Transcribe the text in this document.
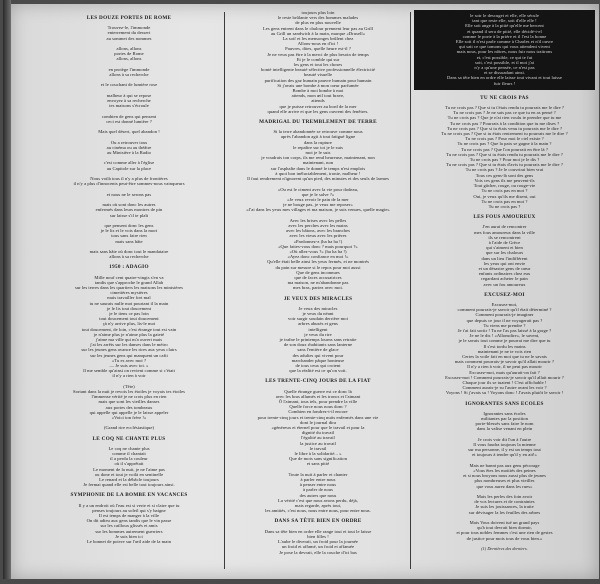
LES DOUZE PORTES DE ROME
Trouvez-le, l'immonde
enterrement du dessert
au sommet des nommes

allons, allons
portes de Rome
allons, allons

en protège l'immonde
allons à sa recherche

et le couchant de lumière rose

malheur à qui se repose
envoyez à sa recherche
tes maisons s'écroule

combien de gens qui pensent
ceci est donné lumière ?

Mais quel désert, quel abandon !

Ou a retrouver tous
au cinéma ou au théâtre
au Ministère à la Radio

c'est comme aller à l'église
au Capitole sur la place

Nous voilà tous il n'y a plus de frontières
il n'y a plus d'innocents peut-être sommes-nous vainqueurs

et nous ne le serons pas

mais où sont donc les autres
enfermés dans leurs montres de pin
sur laisse s'il te plaît

que pensent donc les gens
je le lis et le vois dans la mort
tous sans faire rien
mais sans hâte

mais sans hâte où donc tout le mandataire
allons à sa recherche
1950 : ADAGIO
Mille nouf cent quatre-vingts s'en va
tandis que s'approche le grand Allah
sur les terres dans les quartiers les maisons les ministères
cimetières mystères
mais travailler fort mal
tu ne saurais nulle mot pourtant il la main
je le lis tout doucement
je le tiens ce pas loin
tout doucement tout doucement
çà n'y arrive plus, lis-le moi
tout doucement, de loin, c'est étrange tout est vain
je n'aime plus je n'aime plus la gaieté
j'aime ma ville qui m'a ouvert mais
j'ai les arrêts sur les danses dans le métro
sur les jeunes gens avance les rires aux yeux clairs
sur les jeunes gens qui manquent un cafti
«Tu es avec moi ?
— Je suis avec toi. »
Il me semble qu'ainsi on revient comme si c'était
il n'y a rien à voir

(Tête)
Sortant dans la nuit je revois les étoiles je voyais tes étoiles
l'immense vérité je ne crois plus en rien
mais que sont les vieilles danses
aux portes des tombeaux
qui appelle qui appelle je le laisse appeler
«Voici ton frère !»

(Grand rire ecclésiastique)
LE COQ NE CHANTE PLUS
Le coq ne chante plus
comme il chantait
il a perdu la couleur
où il s'apprêtait
Le moment de la nuit, je ne l'aime pas
ou done et tout je voilà en sentinelle
Le renard et la débâcle toujours
Je fermai quand elle est belle tout toujours ainsi.
SYMPHONIE DE LA BOMBE EN VACANCES
Il y a un endroit où l'eau est si verte et si claire que tu
penses toujours au soleil qui s'y baigne
Il est temps de manger à la ville
On dit adieu aux gens tandis que le vin passe
sur les cailloux glissés et amis
sur les hommes autrement guerriers
Je suis bien ici
Le bonnet de poivre sur l'œil aide de la main
toujours plus loin
le reste brûlante vers des hommes malades
de plus en plus nouvelle
Les gens entrent dans le chalour prennent leur pas au Grill
au Grill un sandwich à la main, marque «Drusell»
La soif et les mensonges brûlent chez
Allons-nous en d'ici !
Pauvres, dites, quelle heure est-il ?
Je ne veux pas être à la merci de plus besoin de temps
Et je le comble qui sur
les gens et tout les choses
bonté intelligente beauté sélective professionnelle électricité
beauté visuelle
purification des gaz humain pauvre humain pour humain
Si j'avais une bombe à mon cœur parfumée
Bombe à moi bombe à moi
attends, mon œil tout brave,
attends
que je puisse retrouver au bord de la mer
quand elle arrive et que les gens ouvrent des fenêtres.
MADRIGAL DU TREMBLEMENT DE TERRE
Si la terre abandonnée se retrouve comme nous
après l'abandon agit à tout fatigué ligne
dans la rupture
le repaître sur toi je le suis
moi je le suis
je voudrais ton corps, ils me rend heureuse, maintenant, non
maintenant, non
sur l'asphalte dans le donné le temps n'est emplois
à quoi bon inéluctablement, ironie, malheur !
Il faut rendrement n'ignorent qu'un pied, des minutes et des seuls de larmes

«Ou est le ciment avec la vie pour dodeau,
que je le salve ?»
«Je veux revoir le pain de la mer
je ne bouge pas, je veux me reposer»
«J'ai dans les yeux mes villages et ma maison, je suis venues, quelle magie»

Avec les brises avec les pelles
avec les perches avec les mains
avec les bâtons, avec les branches
avec les vieux avec les prières
«Pardonnez-z (ha ha ha !)
«Que faites-vous donc ? mais pourquoi ?»
«Où allez-vous ?» (ha ha ha !)
«Ayez donc confiance en moi !»
Qu'elle était belle ainsi les yeux fermés, et ne montrés
du pain sur mesure si le repos pour moi aussi
Que de gens inconnues
que de faces accusatrices
ma maison, ne m'abandonne pas
mes bras, partez avec moi.
JE VEUX DES MIRACLES
Je veux des miracles
je veux du néant
voir surgir soudain derrière moi
arbres abusés et gens
intelligent
je veux du rire
je traîne le printemps lourns sans retraite
de son doux rhabitants sans lanterne
sans l'entière de glace
des adultes qui vivent pour
marchander pâque honteuse
de tous ceux qui croient
que la réalité est ce qu'on voit.
LES TRENTE-CINQ JOURS DE LA FIAT
Quelle étrange guerre est ce donc là
avec les bras allumés et les troncs et l'aimant
Ô l'aimant, tous tels, pour prendre la ville
Quelle force nous nous donc ?
Combien en fondrez-t-il encore
pour trente-cinq jours et trente-cinq nuits enfermés dans une vie
dont le journal dira
«généreux et éternel pour que le travail et pour la
dignité du travail
l'égalité au travail
la justice au travail
le travail
le libre à la solidarité... »
Que de mots sans signification
et sans pitié

Toute la nuit à parler et chanter
à parler entre nous
à penser entre nous
à parler de nous
des autres que nous
La vérité c'est que nous avons perdu, déjà,
mais regarde, après tout,
les amitiés, c'est nous, nous entre nous, pour entre nous.
DANS SA TÊTE BIEN EN ORDRE
Dans sa tête bien en ordre elle range tout et tout le laisse
bien filles !
L'aube le diverait, un froid pour la journée
un froid et affamé, un froid et affamée
Je pose la devrait, elle la couche d'ici bas
le soir le descuget et elle, elle sécule
tant que reste elle, soit d'elle elle !
Elle soit ange à la pitié qu'elle me bercent
et quand il sera de pitié, elle décidé-t-el
comme le porte à la prière et il l'est la bonne
Elle soit il n'est parle comme à Charles et n'il ouvre
qui sait ce que tomons qui vous attendent vivent
mais nous, pour les nôtres, nous fuir nous traitrons
et, c'est possible, ce qui te fut
soit, c'est possible, et il moi j'ai
n'y a qu'une pensée, ce n'est pas
et se dissuadant ainsi.
Dans sa tête bien en ordre elle laisse tout vivant et tout laisse
fuir fleurs !
TU NE CROIS PAS
Tu ne crois pas ? Que si tu t'étais rendu tu pourrais me le dire ?
Tu ne crois pas ? Je ne sais pas ce que tu en as pensé ?
Tu ne crois pas ? Que je n'ai rien voulu te prendre que tu me
Tu ne crois pas ? Pourrais à la condition que tu me dises ?
Tu ne crois pas ? Que si tu étais venu tu pourrais me le dire ?
Tu ne crois pas ? Que si tu étais rentrement tu pourrais me le dire ?
Tu ne crois pas ? Pour moi le ciel existe ?
Tu ne crois pas ? Que la paix se gagne à la main ?
Tu ne crois pas ? Que l'on pourrait en être là ?
Tu ne crois pas ? Que si tu étais rendu tu pourrais me le dire ?
Tu ne crois pas ? Pour moi je le dis ?
Tu ne crois pas ? Que si tu étais d'avis tu pourrais me le dire ?
Tu ne crois pas ? Je le couvrirai bien vrai
Tous ces gens-là sont des gens
Vois ces gens ils me peuvent-ils
Tout gâcher, rouge, ou rouge-vie
Tu ne crois pas en moi ?
Oui, je veux qu'ils me disent, oui
Tu ne crois pas en moi ?
Tu ne crois pas ?
LES FOUS AMOUREUX
J'en aurai de rencontrer
mes fous amoureux dans la ville
ils se rencontrent
à l'aide de Grèce
qui s'aiment et bien
que sur les chalours
dans un lieu l'indifférent
les yeux qui ont envie
et un désastre gens de cœur
enfants ordinaires chez eux
regardant acheter le pain
avec un fou amoureux
EXCUSEZ-MOI
Excusez-moi,
comment pourrais-je savoir qu'il était déterminé ?
Comment pourrais-je imaginer
que depuis ce jour il ne voyagerait pas ?
Tu viens me prendre ?
Je t'ai fait sortir ! Tu ne l'as pas laissé à la gorge ?
Je ne le dis ! «Allonsdire», le savent,
je le savais tout comme je pourrai me dire que tu
Il s'est tordu les mains
maintenant je ne te vois rien
Certes la voile fait en moi que tu ne le savais
mais comment pourrais-je savoir qu'il allait mourir ?
Il n'y a rien à voir, il ne peut pas mourir
Excusez-moi, mais qu'aurait-on fait ?
Excusez-moi ! Comment pourrais-je savoir qu'il allait mourir ?
Chaque jour ils se tuaient ! C'est affichable !
Comment aurais-je su l'autre avant les voir ?
Voyons ! Si j'avais su ! Voyons donc ! J'avais plutôt le savoir !
IGNORANTES SANS ECOLES
Ignorantes sans écoles
militantes par la position
porte-blessés sans faire le nom
dans la valise venant en plein

Je crois voir dit l'un à l'autre
Il vous faudra toujours la mienne
sur ma personne, il y est un temps tout
et toujours à tendre qu'il y en ait!»

Mais ne banni pas aux gens pécorage
«Vous êtes les moitiés des peines
et si nous broyons nous aussi plus de jeunes
plus nombreuses et plus vieilles
que vous aurez dans les rues»

Mais les perles des foin avoir
de vos lectures et de contraintes
Je suis les jouissances, la traite
sur dévisager la les feuilles des arbres

Mais Vous doivent tué un grand pays
qu'à tout devrait bien dormir,
et pour tous nobles femmes c'est une rien de gestes
de justice pour mois tous de vous bien.»
(1) Dernières des derniers.
